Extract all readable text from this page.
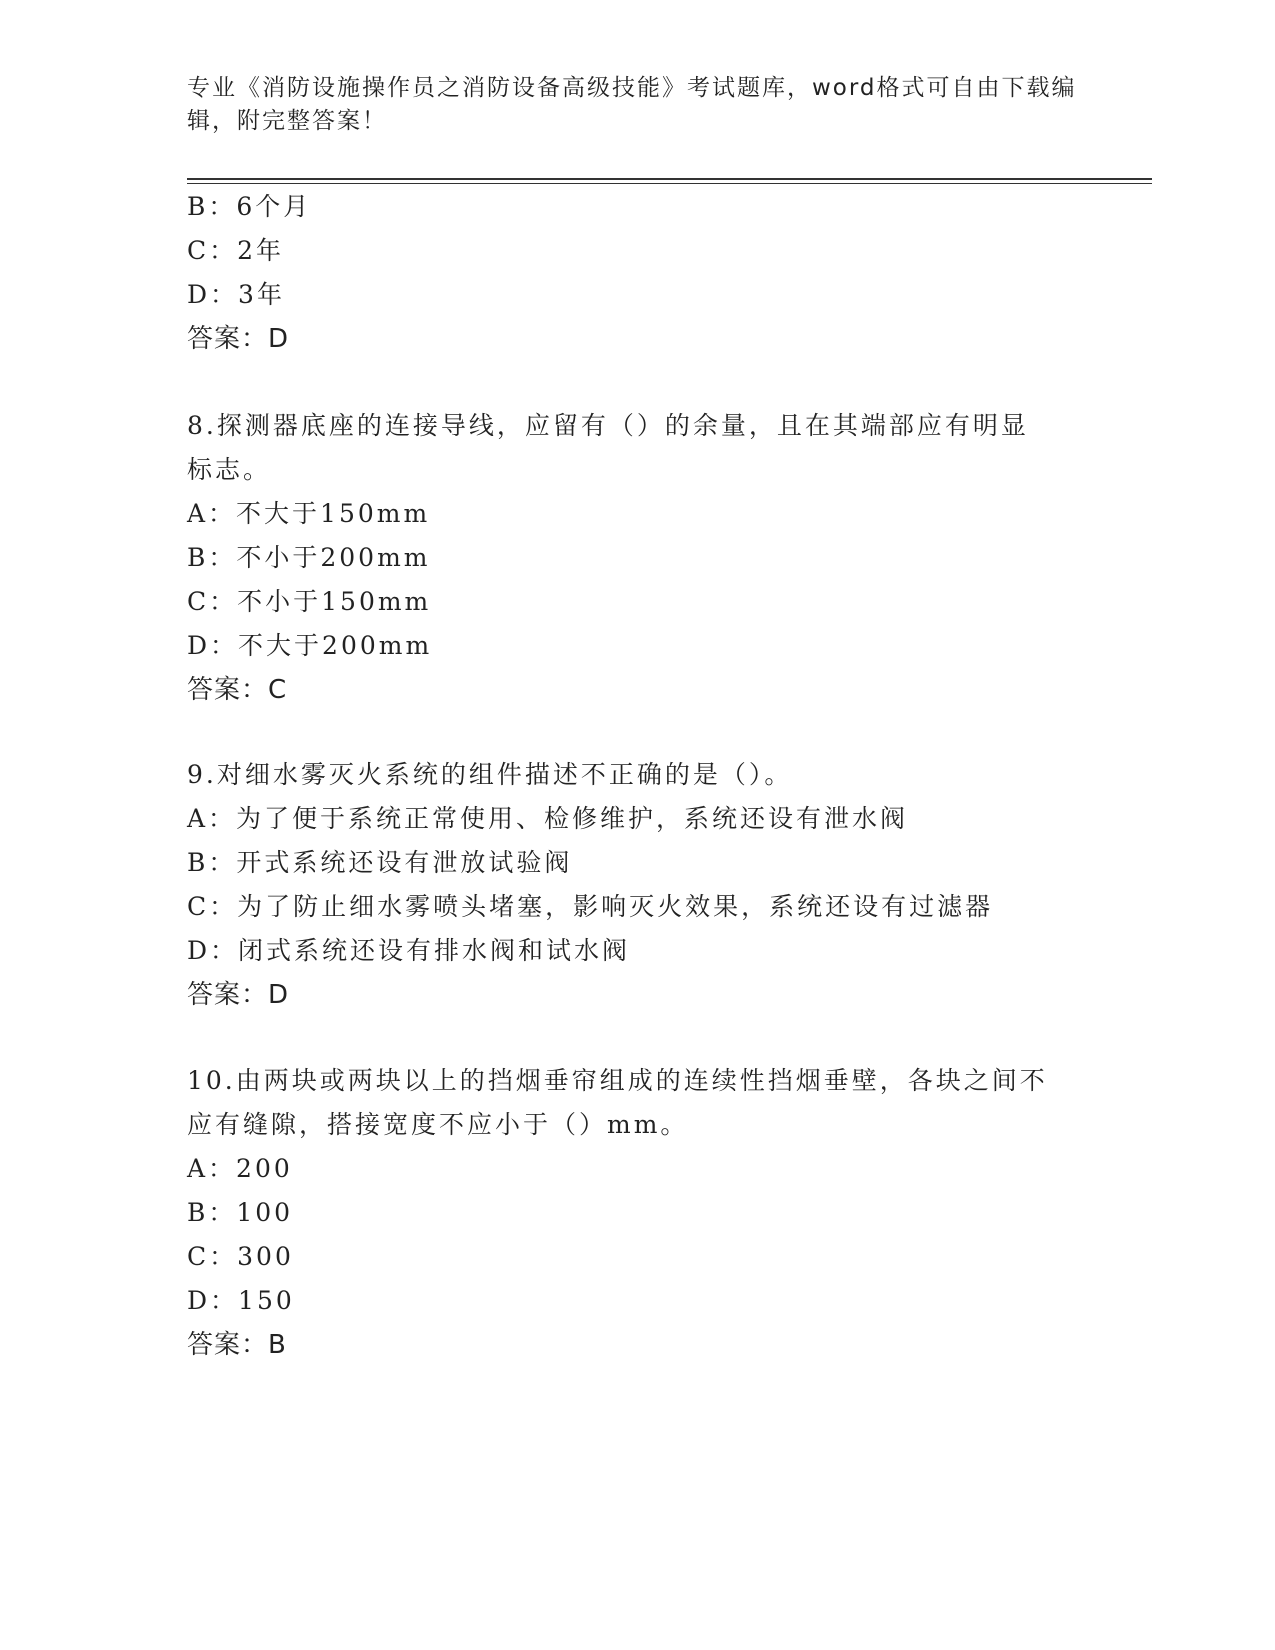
专业《消防设施操作员之消防设备高级技能》考试题库，word格式可自由下载编
辑，附完整答案！
B：6个月
C：2年
D：3年
答案：D
8.探测器底座的连接导线，应留有（）的余量，且在其端部应有明显
标志。
A：不大于150mm
B：不小于200mm
C：不小于150mm
D：不大于200mm
答案：C
9.对细水雾灭火系统的组件描述不正确的是（）。
A：为了便于系统正常使用、检修维护，系统还设有泄水阀
B：开式系统还设有泄放试验阀
C：为了防止细水雾喷头堵塞，影响灭火效果，系统还设有过滤器
D：闭式系统还设有排水阀和试水阀
答案：D
10.由两块或两块以上的挡烟垂帘组成的连续性挡烟垂壁，各块之间不
应有缝隙，搭接宽度不应小于（）mm。
A：200
B：100
C：300
D：150
答案：B
